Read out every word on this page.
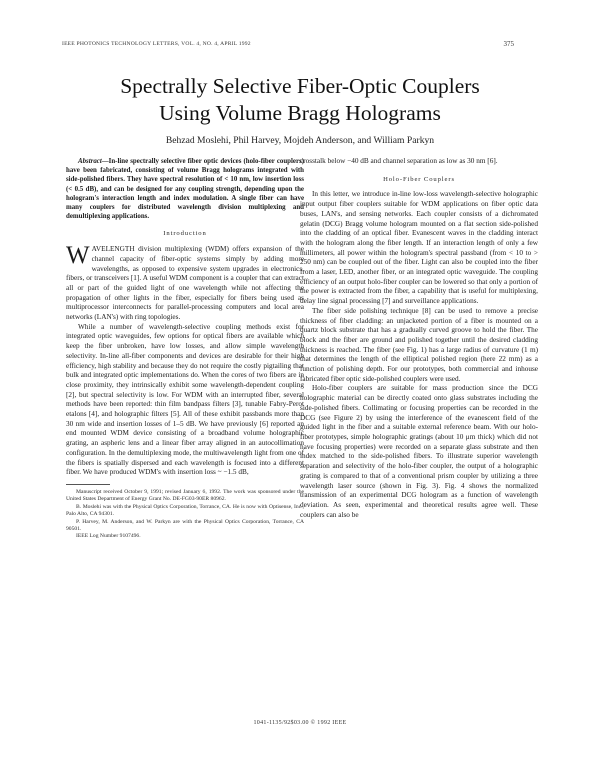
IEEE PHOTONICS TECHNOLOGY LETTERS, VOL. 4, NO. 4, APRIL 1992	375
Spectrally Selective Fiber-Optic Couplers
Using Volume Bragg Holograms
Behzad Moslehi, Phil Harvey, Mojdeh Anderson, and William Parkyn

Abstract—In-line spectrally selective fiber optic devices (holo-fiber couplers) have been fabricated, consisting of volume Bragg holograms integrated with side-polished fibers. They have spectral resolution of < 10 nm, low insertion loss (< 0.5 dB), and can be designed for any coupling strength, depending upon the hologram's interaction length and index modulation. A single fiber can have many couplers for distributed wavelength division multiplexing and demultiplexing applications.

Introduction

WAVELENGTH division multiplexing (WDM) offers expansion of the channel capacity of fiber-optic systems simply by adding more wavelengths, as opposed to expensive system upgrades in electronics, fibers, or transceivers [1]. A useful WDM component is a coupler that can extract all or part of the guided light of one wavelength while not affecting the propagation of other lights in the fiber, especially for fibers being used as multiprocessor interconnects for parallel-processing computers and local area networks (LAN's) with ring topologies.

While a number of wavelength-selective coupling methods exist for integrated optic waveguides, few options for optical fibers are available which keep the fiber unbroken, have low losses, and allow simple wavelength selectivity. In-line all-fiber components and devices are desirable for their high efficiency, high stability and because they do not require the costly pigtailing that bulk and integrated optic implementations do. When the cores of two fibers are in close proximity, they intrinsically exhibit some wavelength-dependent coupling [2], but spectral selectivity is low. For WDM with an interrupted fiber, several methods have been reported: thin film bandpass filters [3], tunable Fabry-Perot etalons [4], and holographic filters [5]. All of these exhibit passbands more than 30 nm wide and insertion losses of 1–5 dB. We have previously [6] reported an end mounted WDM device consisting of a broadband volume holographic grating, an aspheric lens and a linear fiber array aligned in an autocollimation configuration. In the demultiplexing mode, the multiwavelength light from one of the fibers is spatially dispersed and each wavelength is focused into a different fiber. We have produced WDM's with insertion loss ~ −1.5 dB,

Manuscript received October 9, 1991; revised January 6, 1992. The work was sponsored under the United States Department of Energy Grant No. DE-FG03-90ER 80962.

B. Moslehi was with the Physical Optics Corporation, Torrance, CA. He is now with Optisense, Inc., Palo Alto, CA 94301.

P. Harvey, M. Anderson, and W. Parkyn are with the Physical Optics Corporation, Torrance, CA 90501.

IEEE Log Number 9107496.

crosstalk below −40 dB and channel separation as low as 30 nm [6].

Holo-Fiber Couplers

In this letter, we introduce in-line low-loss wavelength-selective holographic input output fiber couplers suitable for WDM applications on fiber optic data buses, LAN's, and sensing networks. Each coupler consists of a dichromated gelatin (DCG) Bragg volume hologram mounted on a flat section side-polished into the cladding of an optical fiber. Evanescent waves in the cladding interact with the hologram along the fiber length. If an interaction length of only a few millimeters, all power within the hologram's spectral passband (from < 10 to > 250 nm) can be coupled out of the fiber. Light can also be coupled into the fiber from a laser, LED, another fiber, or an integrated optic waveguide. The coupling efficiency of an output holo-fiber coupler can be lowered so that only a portion of the power is extracted from the fiber, a capability that is useful for multiplexing, delay line signal processing [7] and surveillance applications.

The fiber side polishing technique [8] can be used to remove a precise thickness of fiber cladding: an unjacketed portion of a fiber is mounted on a quartz block substrate that has a gradually curved groove to hold the fiber. The block and the fiber are ground and polished together until the desired cladding thickness is reached. The fiber (see Fig. 1) has a large radius of curvature (1 m) that determines the length of the elliptical polished region (here 22 mm) as a function of polishing depth. For our prototypes, both commercial and inhouse fabricated fiber optic side-polished couplers were used.

Holo-fiber couplers are suitable for mass production since the DCG holographic material can be directly coated onto glass substrates including the side-polished fibers. Collimating or focusing properties can be recorded in the DCG (see Figure 2) by using the interference of the evanescent field of the guided light in the fiber and a suitable external reference beam. With our holo-fiber prototypes, simple holographic gratings (about 10 μm thick) which did not have focusing properties) were recorded on a separate glass substrate and then index matched to the side-polished fibers. To illustrate superior wavelength separation and selectivity of the holo-fiber coupler, the output of a holographic grating is compared to that of a conventional prism coupler by utilizing a three wavelength laser source (shown in Fig. 3). Fig. 4 shows the normalized transmission of an experimental DCG hologram as a function of wavelength deviation. As seen, experimental and theoretical results agree well. These couplers can also be

1041-1135/92$03.00 © 1992 IEEE
